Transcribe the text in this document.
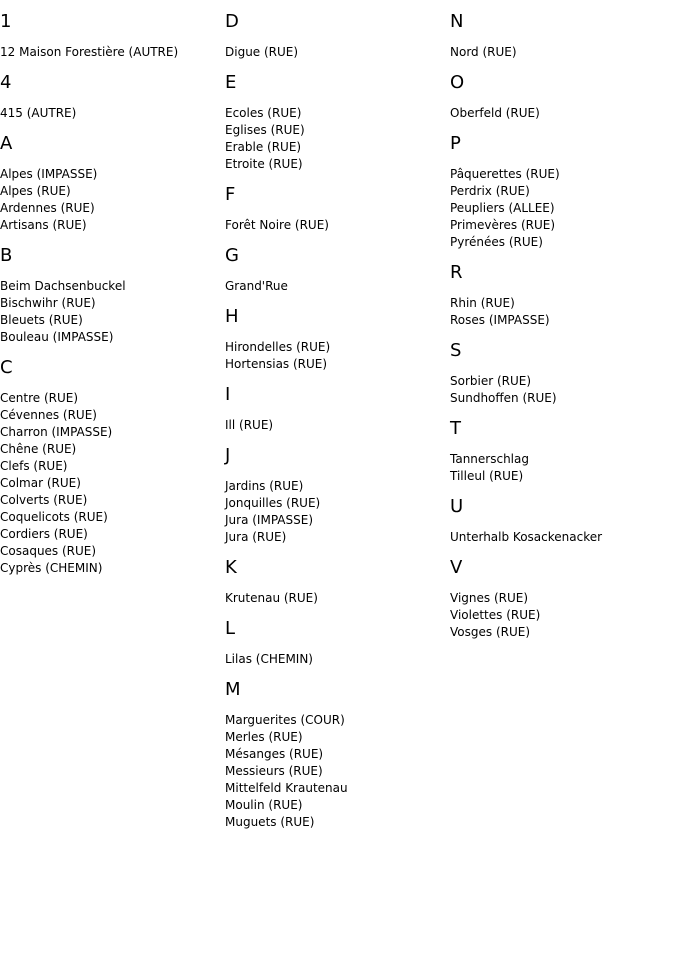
1
12 Maison Forestière (AUTRE)
4
415 (AUTRE)
A
Alpes (IMPASSE)
Alpes (RUE)
Ardennes (RUE)
Artisans (RUE)
B
Beim Dachsenbuckel
Bischwihr (RUE)
Bleuets (RUE)
Bouleau (IMPASSE)
C
Centre (RUE)
Cévennes (RUE)
Charron (IMPASSE)
Chêne (RUE)
Clefs (RUE)
Colmar (RUE)
Colverts (RUE)
Coquelicots (RUE)
Cordiers (RUE)
Cosaques (RUE)
Cyprès (CHEMIN)
D
Digue (RUE)
E
Ecoles (RUE)
Eglises (RUE)
Erable (RUE)
Etroite (RUE)
F
Forêt Noire (RUE)
G
Grand'Rue
H
Hirondelles (RUE)
Hortensias (RUE)
I
Ill (RUE)
J
Jardins (RUE)
Jonquilles (RUE)
Jura (IMPASSE)
Jura (RUE)
K
Krutenau (RUE)
L
Lilas (CHEMIN)
M
Marguerites (COUR)
Merles (RUE)
Mésanges (RUE)
Messieurs (RUE)
Mittelfeld Krautenau
Moulin (RUE)
Muguets (RUE)
N
Nord (RUE)
O
Oberfeld (RUE)
P
Pâquerettes (RUE)
Perdrix (RUE)
Peupliers (ALLEE)
Primevères (RUE)
Pyrénées (RUE)
R
Rhin (RUE)
Roses (IMPASSE)
S
Sorbier (RUE)
Sundhoffen (RUE)
T
Tannerschlag
Tilleul (RUE)
U
Unterhalb Kosackenacker
V
Vignes (RUE)
Violettes (RUE)
Vosges (RUE)
